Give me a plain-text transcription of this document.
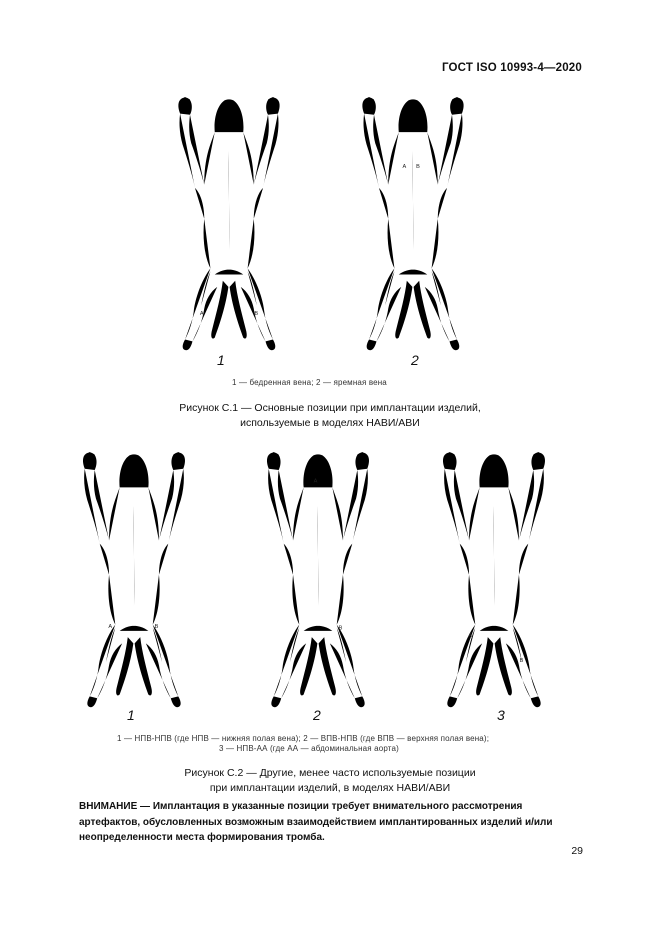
ГОСТ ISO 10993-4—2020
A	B
1
A B
2
1 — бедренная вена; 2 — яремная вена
Рисунок С.1 — Основные позиции при имплантации изделий,
используемые в моделях НАВИ/АВИ
A	B
1
A
B
2
A
B
3
1 — НПВ-НПВ (где НПВ — нижняя полая вена); 2 — ВПВ-НПВ (где ВПВ — верхняя полая вена);
3 — НПВ-АА (где АА — абдоминальная аорта)
Рисунок С.2 — Другие, менее часто используемые позиции
при имплантации изделий, в моделях НАВИ/АВИ
ВНИМАНИЕ — Имплантация в указанные позиции требует внимательного рассмотрения артефактов, обусловленных возможным взаимодействием имплантированных изделий и/или неопределенности места формирования тромба.
29
